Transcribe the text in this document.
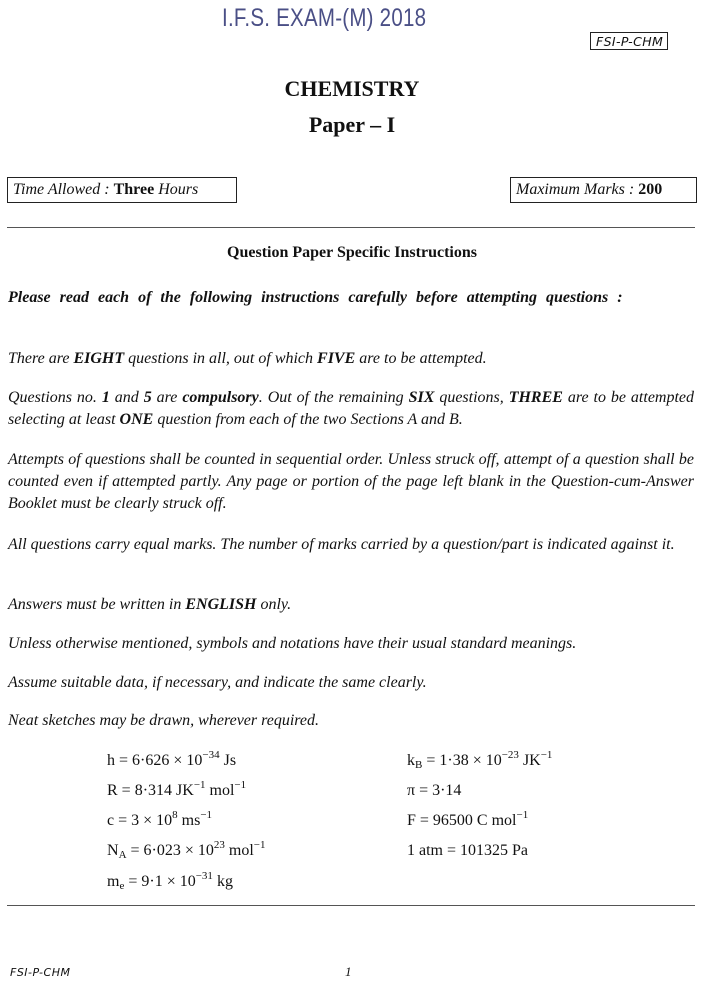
I.F.S. EXAM-(M) 2018
FSI-P-CHM
CHEMISTRY
Paper – I
Time Allowed : Three Hours	Maximum Marks : 200
Question Paper Specific Instructions
Please read each of the following instructions carefully before attempting questions :
There are EIGHT questions in all, out of which FIVE are to be attempted.
Questions no. 1 and 5 are compulsory. Out of the remaining SIX questions, THREE are to be attempted selecting at least ONE question from each of the two Sections A and B.
Attempts of questions shall be counted in sequential order. Unless struck off, attempt of a question shall be counted even if attempted partly. Any page or portion of the page left blank in the Question-cum-Answer Booklet must be clearly struck off.
All questions carry equal marks. The number of marks carried by a question/part is indicated against it.
Answers must be written in ENGLISH only.
Unless otherwise mentioned, symbols and notations have their usual standard meanings.
Assume suitable data, if necessary, and indicate the same clearly.
Neat sketches may be drawn, wherever required.
$h = 6\cdot 626 \times 10^{-34}$ Js
R = 8·314 $JK^{-1}$ mol$^{-1}$
$c = 3 \times 10^8$ $ms^{-1}$
$N_A = 6\cdot 023 \times 10^{23}$ mol$^{-1}$
$m_e = 9\cdot 1 \times 10^{-31}$ kg
$k_B = 1\cdot 38 \times 10^{-23}$ $JK^{-1}$
π = 3·14
F = 96500 C mol$^{-1}$
1 atm = 101325 Pa
FSI-P-CHM	1
